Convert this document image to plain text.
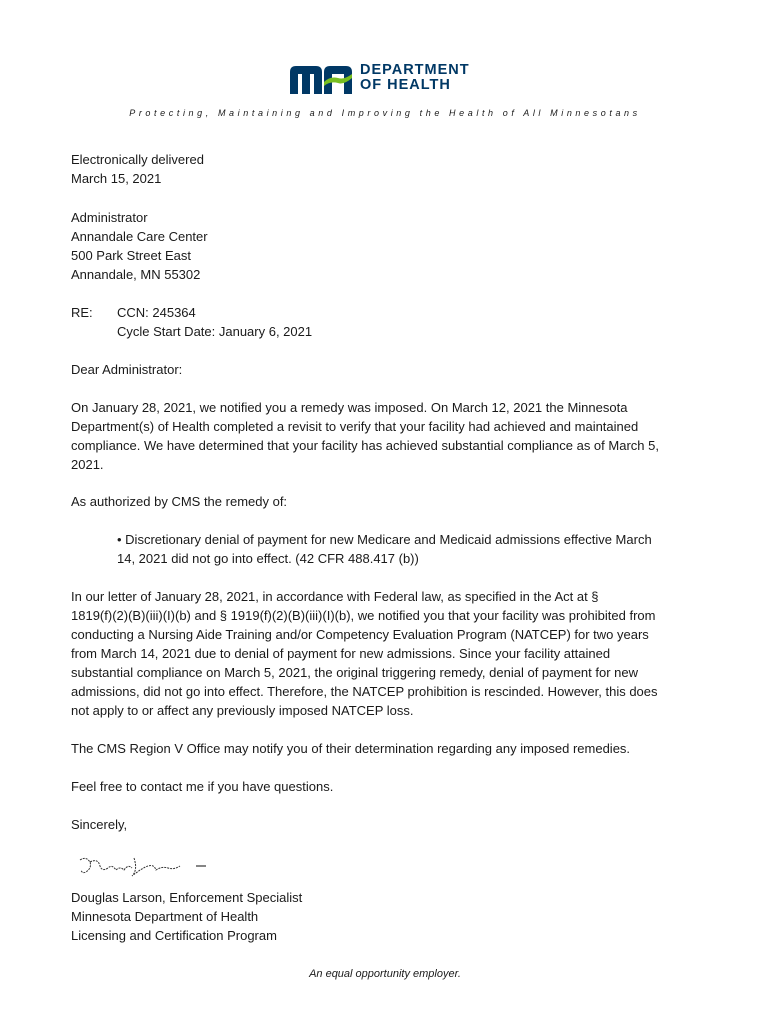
DEPARTMENT
OF HEALTH
Protecting, Maintaining and Improving the Health of All Minnesotans
Electronically delivered
March 15, 2021
Administrator
Annandale Care Center
500 Park Street East
Annandale, MN 55302
RE: CCN: 245364
Cycle Start Date: January 6, 2021

Dear Administrator:

On January 28, 2021, we notified you a remedy was imposed. On March 12, 2021 the Minnesota
Department(s) of Health completed a revisit to verify that your facility had achieved and maintained
compliance. We have determined that your facility has achieved substantial compliance as of March 5,
2021.

As authorized by CMS the remedy of:

• Discretionary denial of payment for new Medicare and Medicaid admissions effective March
14, 2021 did not go into effect. (42 CFR 488.417 (b))

In our letter of January 28, 2021, in accordance with Federal law, as specified in the Act at §
1819(f)(2)(B)(iii)(I)(b) and § 1919(f)(2)(B)(iii)(I)(b), we notified you that your facility was prohibited from
conducting a Nursing Aide Training and/or Competency Evaluation Program (NATCEP) for two years
from March 14, 2021 due to denial of payment for new admissions. Since your facility attained
substantial compliance on March 5, 2021, the original triggering remedy, denial of payment for new
admissions, did not go into effect. Therefore, the NATCEP prohibition is rescinded. However, this does
not apply to or affect any previously imposed NATCEP loss.

The CMS Region V Office may notify you of their determination regarding any imposed remedies.

Feel free to contact me if you have questions.

Sincerely,

Douglas Larson, Enforcement Specialist
Minnesota Department of Health
Licensing and Certification Program
An equal opportunity employer.
